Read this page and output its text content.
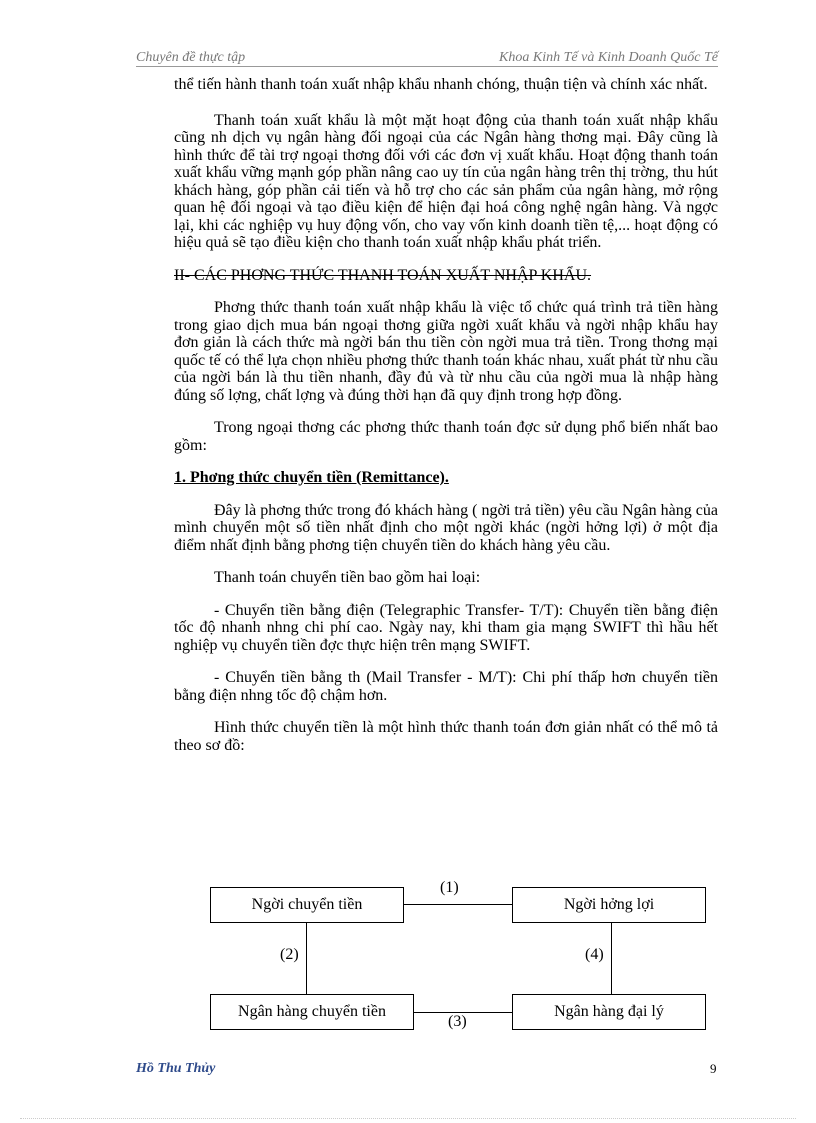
Chuyên đề thực tập	Khoa Kinh Tế và Kinh Doanh Quốc Tế

thể tiến hành thanh toán xuất nhập khẩu nhanh chóng, thuận tiện và chính xác nhất.

Thanh toán xuất khẩu là một mặt hoạt động của thanh toán xuất nhập khẩu cũng nh dịch vụ ngân hàng đối ngoại của các Ngân hàng thơng mại. Đây cũng là hình thức để tài trợ ngoại thơng đối với các đơn vị xuất khẩu. Hoạt động thanh toán xuất khẩu vững mạnh góp phần nâng cao uy tín của ngân hàng trên thị trờng, thu hút khách hàng, góp phần cải tiến và hỗ trợ cho các sản phẩm của ngân hàng, mở rộng quan hệ đối ngoại và tạo điều kiện để hiện đại hoá công nghệ ngân hàng. Và ngợc lại, khi các nghiệp vụ huy động vốn, cho vay vốn kinh doanh tiền tệ,... hoạt động có hiệu quả sẽ tạo điều kiện cho thanh toán xuất nhập khẩu phát triển.

II- CÁC PHƠNG THỨC THANH TOÁN XUẤT NHẬP KHẨU.

Phơng thức thanh toán xuất nhập khẩu là việc tổ chức quá trình trả tiền hàng trong giao dịch mua bán ngoại thơng giữa ngời xuất khẩu và ngời nhập khẩu hay đơn giản là cách thức mà ngời bán thu tiền còn ngời mua trả tiền. Trong thơng mại quốc tế có thể lựa chọn nhiều phơng thức thanh toán khác nhau, xuất phát từ nhu cầu của ngời bán là thu tiền nhanh, đầy đủ và từ nhu cầu của ngời mua là nhập hàng đúng số lợng, chất lợng và đúng thời hạn đã quy định trong hợp đồng.

Trong ngoại thơng các phơng thức thanh toán đợc sử dụng phổ biến nhất bao gồm:

1. Phơng thức chuyển tiền (Remittance).

Đây là phơng thức trong đó khách hàng ( ngời trả tiền) yêu cầu Ngân hàng của mình chuyển một số tiền nhất định cho một ngời khác (ngời hởng lợi) ở một địa điểm nhất định bằng phơng tiện chuyển tiền do khách hàng yêu cầu.

Thanh toán chuyển tiền bao gồm hai loại:

- Chuyển tiền bằng điện (Telegraphic Transfer- T/T): Chuyển tiền bằng điện tốc độ nhanh nhng chi phí cao. Ngày nay, khi tham gia mạng SWIFT thì hầu hết nghiệp vụ chuyển tiền đợc thực hiện trên mạng SWIFT.

- Chuyển tiền bằng th (Mail Transfer - M/T): Chi phí thấp hơn chuyển tiền bằng điện nhng tốc độ chậm hơn.

Hình thức chuyển tiền là một hình thức thanh toán đơn giản nhất có thể mô tả theo sơ đồ:

Ngời chuyển tiền	Ngời hởng lợi
Ngân hàng chuyển tiền	Ngân hàng đại lý
(1)
(2)	(4)
(3)
Hồ Thu Thủy	9
